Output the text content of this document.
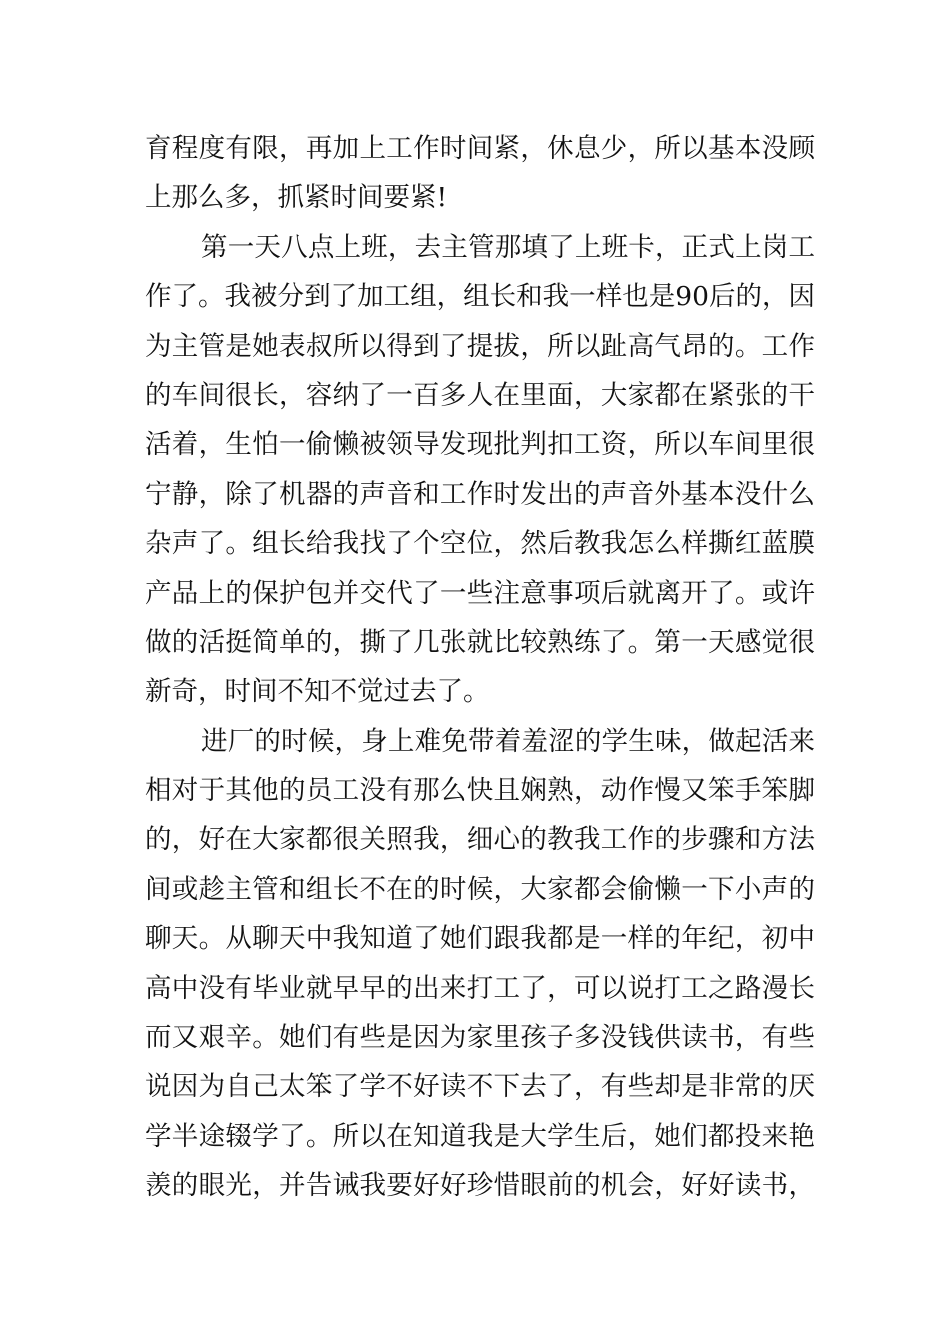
育程度有限，再加上工作时间紧，休息少，所以基本没顾
上那么多，抓紧时间要紧!
第一天八点上班，去主管那填了上班卡，正式上岗工
作了。我被分到了加工组，组长和我一样也是90后的，因
为主管是她表叔所以得到了提拔，所以趾高气昂的。工作
的车间很长，容纳了一百多人在里面，大家都在紧张的干
活着，生怕一偷懒被领导发现批判扣工资，所以车间里很
宁静，除了机器的声音和工作时发出的声音外基本没什么
杂声了。组长给我找了个空位，然后教我怎么样撕红蓝膜
产品上的保护包并交代了一些注意事项后就离开了。或许
做的活挺简单的，撕了几张就比较熟练了。第一天感觉很
新奇，时间不知不觉过去了。
进厂的时候，身上难免带着羞涩的学生味，做起活来
相对于其他的员工没有那么快且娴熟，动作慢又笨手笨脚
的，好在大家都很关照我，细心的教我工作的步骤和方法
间或趁主管和组长不在的时候，大家都会偷懒一下小声的
聊天。从聊天中我知道了她们跟我都是一样的年纪，初中
高中没有毕业就早早的出来打工了，可以说打工之路漫长
而又艰辛。她们有些是因为家里孩子多没钱供读书，有些
说因为自己太笨了学不好读不下去了，有些却是非常的厌
学半途辍学了。所以在知道我是大学生后，她们都投来艳
羡的眼光，并告诫我要好好珍惜眼前的机会，好好读书，
